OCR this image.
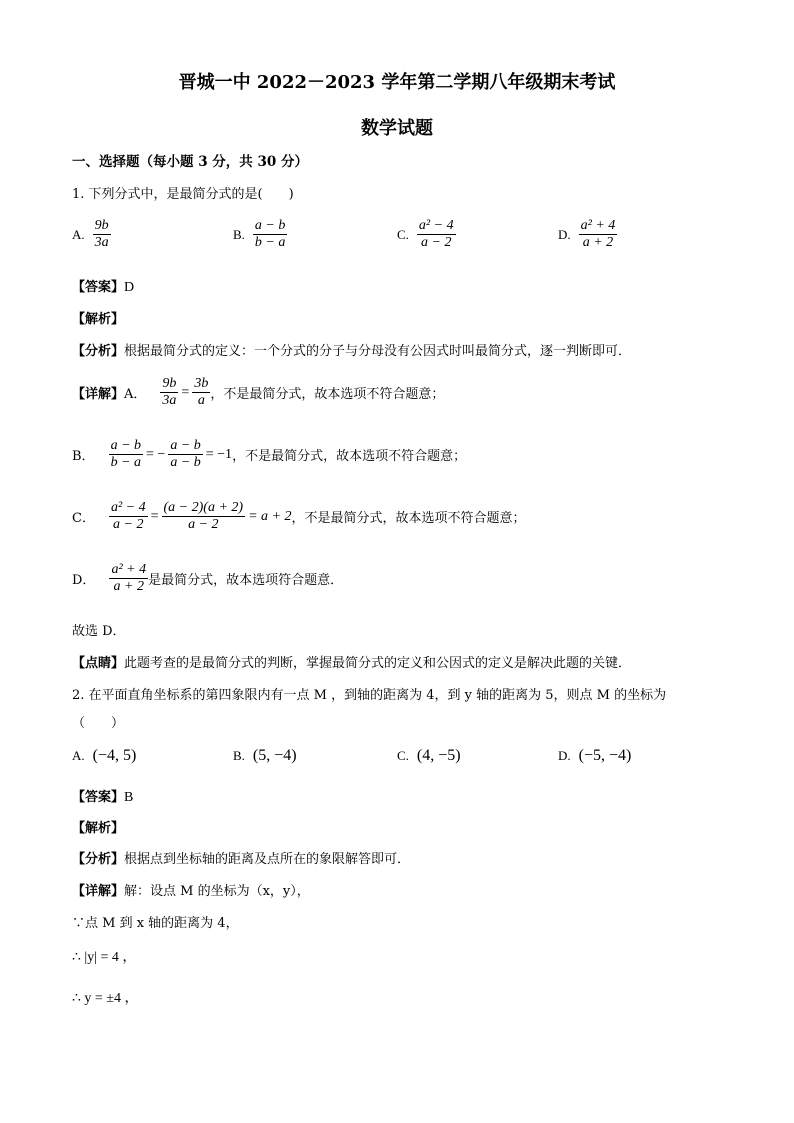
晋城一中 2022－2023 学年第二学期八年级期末考试
数学试题
一、选择题（每小题 3 分，共 30 分）
1. 下列分式中，是最简分式的是(　　)
A. $\frac{9b}{3a}$	B. $\frac{a - b}{b - a}$	C. $\frac{\text{a² − 4}}{a - 2}$	D. $\frac{\text{a² + 4}}{a + 2}$
【答案】D
【解析】
【分析】根据最简分式的定义：一个分式的分子与分母没有公因式时叫最简分式，逐一判断即可．
【详解】 A． $\frac{9b}{3a} = \frac{3b}{a}$ ，不是最简分式，故本选项不符合题意；
B． $\frac{a - b}{b - a}$ = − $\frac{a - b}{a - b} = -1$ ，不是最简分式，故本选项不符合题意；
C． $\frac{\text{a² − 4}}{a - 2} = \frac{(a - 2)(a + 2)}{a - 2} = a + 2$ ，不是最简分式，故本选项不符合题意；
D． $\frac{\text{a² + 4}}{a + 2}$ 是最简分式，故本选项符合题意．
故选 D．
【点睛】此题考查的是最简分式的判断，掌握最简分式的定义和公因式的定义是解决此题的关键．
2. 在平面直角坐标系的第四象限内有一点 M ，到轴的距离为 4，到 y 轴的距离为 5，则点 M 的坐标为
（　　）
A. (−4, 5)	B. (5, −4)	C. (4, −5)	D. (−5, −4)
【答案】B
【解析】
【分析】根据点到坐标轴的距离及点所在的象限解答即可．
【详解】解：设点 M 的坐标为（x，y），
∵点 M 到 x 轴的距离为 4，
∴ |y| = 4 ，
∴ y = ±4 ，
